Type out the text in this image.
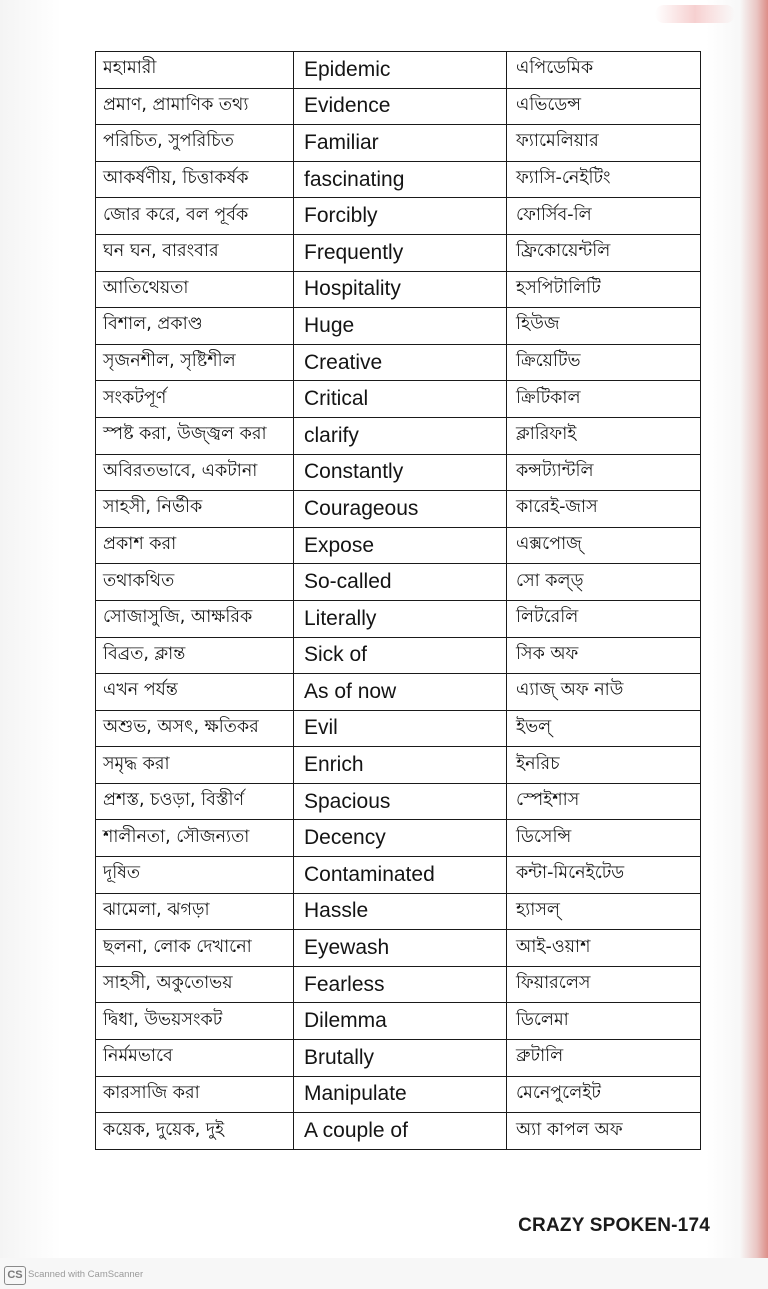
মহামারী	Epidemic	এপিডেমিক
প্রমাণ, প্রামাণিক তথ্য	Evidence	এভিডেন্স
পরিচিত, সুপরিচিত	Familiar	ফ্যামেলিয়ার
আকর্ষণীয়, চিত্তাকর্ষক	fascinating	ফ্যাসি-নেইটিং
জোর করে, বল পূর্বক	Forcibly	ফোর্সিব-লি
ঘন ঘন, বারংবার	Frequently	ফ্রিকোয়েন্টলি
আতিথেয়তা	Hospitality	হসপিটালিটি
বিশাল, প্রকাণ্ড	Huge	হিউজ
সৃজনশীল, সৃষ্টিশীল	Creative	ক্রিয়েটিভ
সংকটপূর্ণ	Critical	ক্রিটিকাল
স্পষ্ট করা, উজ্জ্বল করা	clarify	ক্লারিফাই
অবিরতভাবে, একটানা	Constantly	কন্সট্যান্টলি
সাহসী, নির্ভীক	Courageous	কারেই-জাস
প্রকাশ করা	Expose	এক্সপোজ্
তথাকথিত	So-called	সো কল্ড্
সোজাসুজি, আক্ষরিক	Literally	লিটরেলি
বিব্রত, ক্লান্ত	Sick of	সিক অফ
এখন পর্যন্ত	As of now	এ্যাজ্ অফ নাউ
অশুভ, অসৎ, ক্ষতিকর	Evil	ইভল্
সমৃদ্ধ করা	Enrich	ইনরিচ
প্রশস্ত, চওড়া, বিস্তীর্ণ	Spacious	স্পেইশাস
শালীনতা, সৌজন্যতা	Decency	ডিসেন্সি
দূষিত	Contaminated	কন্টা-মিনেইটেড
ঝামেলা, ঝগড়া	Hassle	হ্যাসল্
ছলনা, লোক দেখানো	Eyewash	আই-ওয়াশ
সাহসী, অকুতোভয়	Fearless	ফিয়ারলেস
দ্বিধা, উভয়সংকট	Dilemma	ডিলেমা
নির্মমভাবে	Brutally	ব্রুটালি
কারসাজি করা	Manipulate	মেনেপুলেইট
কয়েক, দুয়েক, দুই	A couple of	অ্যা কাপল অফ
CRAZY SPOKEN-174
CS Scanned with CamScanner
